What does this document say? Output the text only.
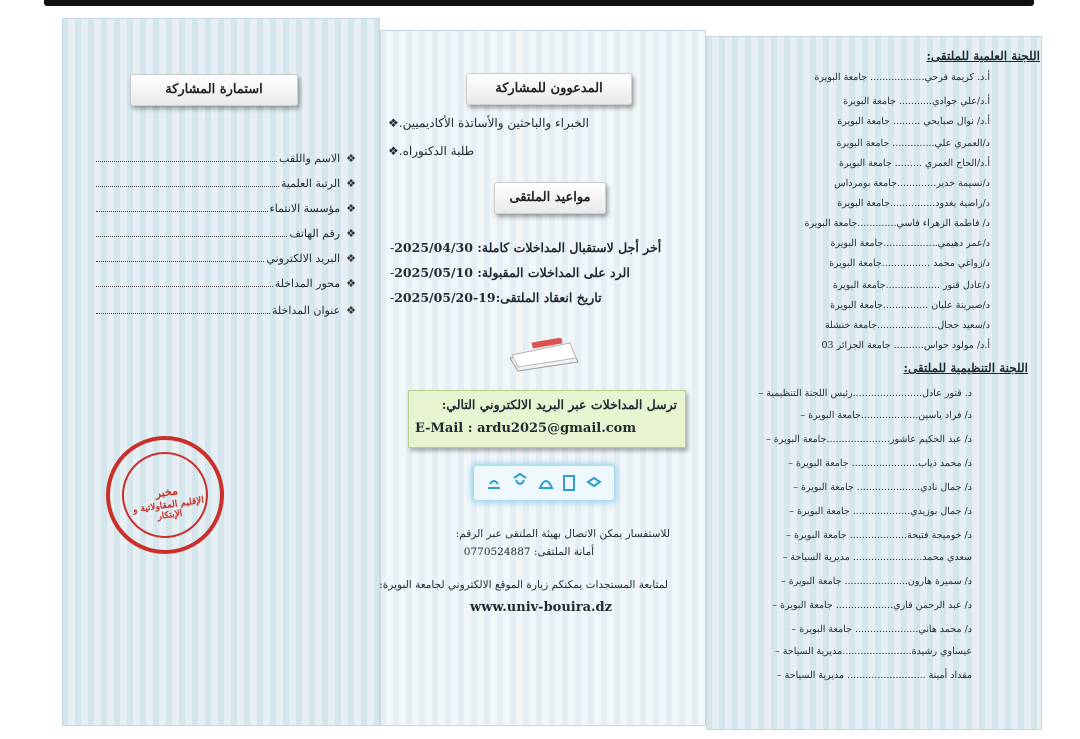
استمارة المشاركة
❖
الاسم واللقب
❖
الرتبة العلمية
❖
مؤسسة الانتماء
❖
رقم الهاتف
❖
البريد الالكتروني
❖
محور المداخلة
❖
عنوان المداخلة
مخبر
الإقليم المقاولاتية و الإبتكار
المدعوون للمشاركة
❖ الخبراء والباحثين والأساتذة الأكاديميين.
❖ طلبة الدكتوراه.
مواعيد الملتقى
- أخر أجل لاستقبال المداخلات كاملة: 2025/04/30
- الرد على المداخلات المقبولة: 2025/05/10
- تاريخ انعقاد الملتقى:19-2025/05/20
ترسل المداخلات عبر البريد الالكتروني التالي:
E-Mail : ardu2025@gmail.com
للاستفسار يمكن الاتصال بهيئة الملتقى عبر الرقم:
أمانة الملتقى: 0770524887
لمتابعة المستجدات يمكنكم زيارة الموقع الالكتروني لجامعة البويرة:
www.univ-bouira.dz
اللجنة العلمية للملتقى:
أ.د. كريمة فرحي.................. جامعة البويرة
أ.د/علي جوادي........... جامعة البويرة
أ.د/ نوال صبايحي ......... جامعة البويرة
د/العمري علي.............. جامعة البويرة
أ.د/الحاج العمري ......... جامعة البويرة
د/نسيمة خدير.............جامعة بومرداس
د/راضية بغدود...............جامعة البويرة
د/ فاطمة الزهراء فاسي.............جامعة البويرة
د/عمر دهيمي..................جامعة البويرة
د/زواغي محمد ................جامعة البويرة
د/عادل قنور ..................جامعة البويرة
د/صبرينة عليان ...............جامعة البويرة
د/سعيد حجال....................جامعة خنشلة
أ.د/ مولود حواس.......... جامعة الجزائر 03
اللجنة التنظيمية للملتقى:
د. قنور عادل.......................رئيس اللجنة التنظيمية –
د/ فراد ياسين...................جامعة البويرة –
د/ عبد الحكيم عاشور.....................جامعة البويرة –
د/ محمد ذياب...................... جامعة البويرة –
د/ جمال نادي..................... جامعة البويرة –
د/ جمال بوزيدي................... جامعة البويرة –
د/ خوميجة فتيحة................... جامعة البويرة –
سعدي محمد....................... مديرية السياحة –
د/ سميرة هارون..................... جامعة البويرة –
د/ عبد الرحمن قاري................... جامعة البويرة –
د/ محمد هاني..................... جامعة البويرة –
عيساوي رشيدة.......................مديرية السياحة –
مقداد أمينة .......................... مديرية السياحة –
